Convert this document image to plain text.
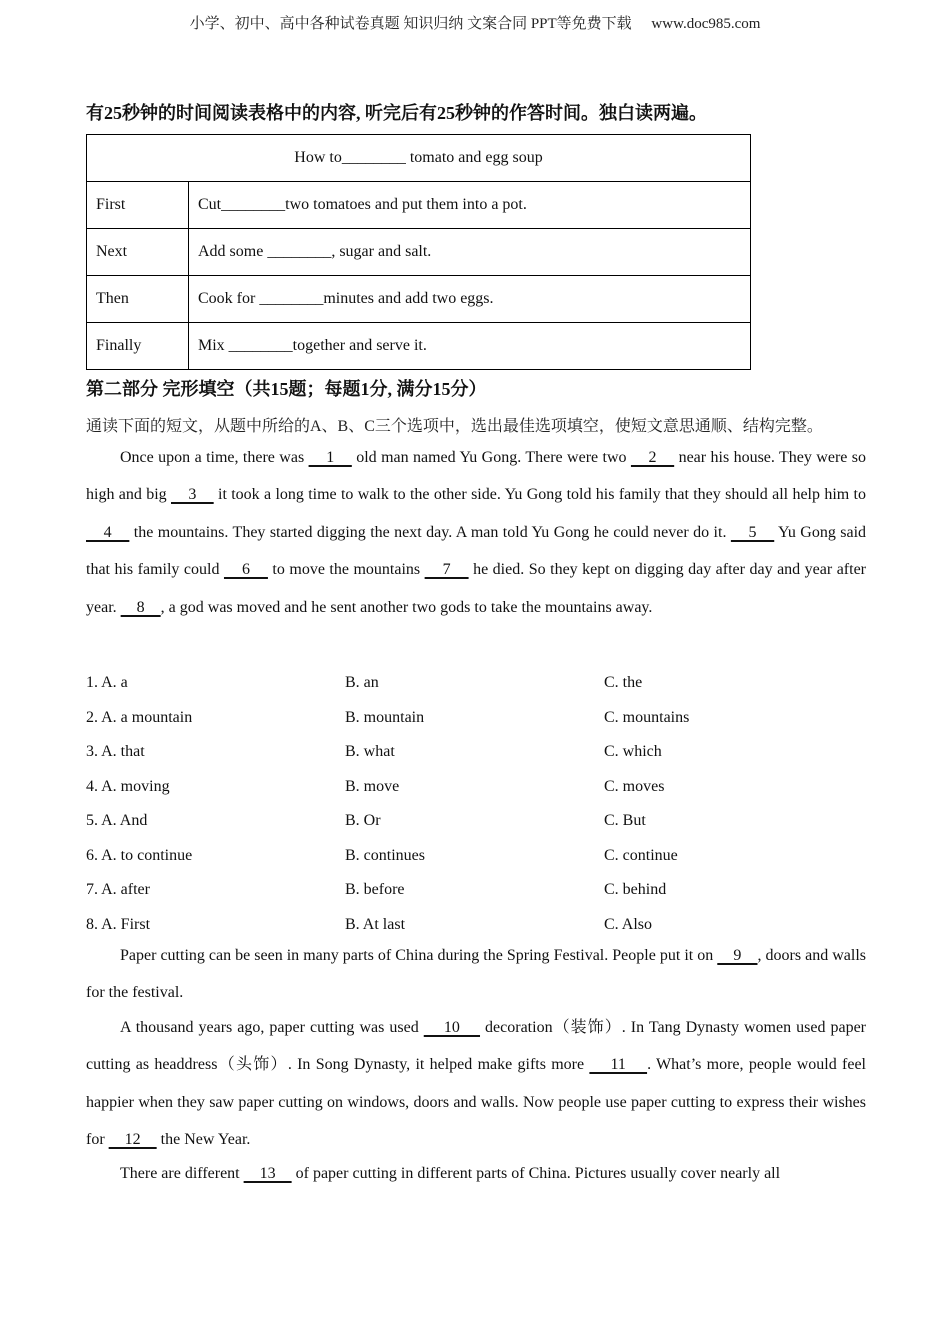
小学、初中、高中各种试卷真题 知识归纳 文案合同 PPT等免费下载 www.doc985.com
有25秒钟的时间阅读表格中的内容, 听完后有25秒钟的作答时间。独白读两遍。
How to________ tomato and egg soup	
First	Cut________two tomatoes and put them into a pot.
Next	Add some ________, sugar and salt.
Then	Cook for ________minutes and add two eggs.
Finally	Mix ________together and serve it.
第二部分 完形填空（共15题；每题1分, 满分15分）
通读下面的短文，从题中所给的A、B、C三个选项中，选出最佳选项填空，使短文意思通顺、结构完整。

Once upon a time, there was     1     old man named Yu Gong. There were two     2     near his house. They were so high and big     3     it took a long time to walk to the other side. Yu Gong told his family that they should all help him to     4     the mountains. They started digging the next day. A man told Yu Gong he could never do it.     5     Yu Gong said that his family could     6     to move the mountains     7     he died. So they kept on digging day after day and year after year.     8    , a god was moved and he sent another two gods to take the mountains away.

1. A. a	B. an	C. the
2. A. a mountain	B. mountain	C. mountains
3. A. that	B. what	C. which
4. A. moving	B. move	C. moves
5. A. And	B. Or	C. But
6. A. to continue	B. continues	C. continue
7. A. after	B. before	C. behind
8. A. First	B. At last	C. Also

Paper cutting can be seen in many parts of China during the Spring Festival. People put it on     9    , doors and walls for the festival.

A thousand years ago, paper cutting was used     10     decoration（装饰）. In Tang Dynasty women used paper cutting as headdress（头饰）. In Song Dynasty, it helped make gifts more     11    . What’s more, people would feel happier when they saw paper cutting on windows, doors and walls. Now people use paper cutting to express their wishes for     12     the New Year.

There are different     13     of paper cutting in different parts of China. Pictures usually cover nearly all
